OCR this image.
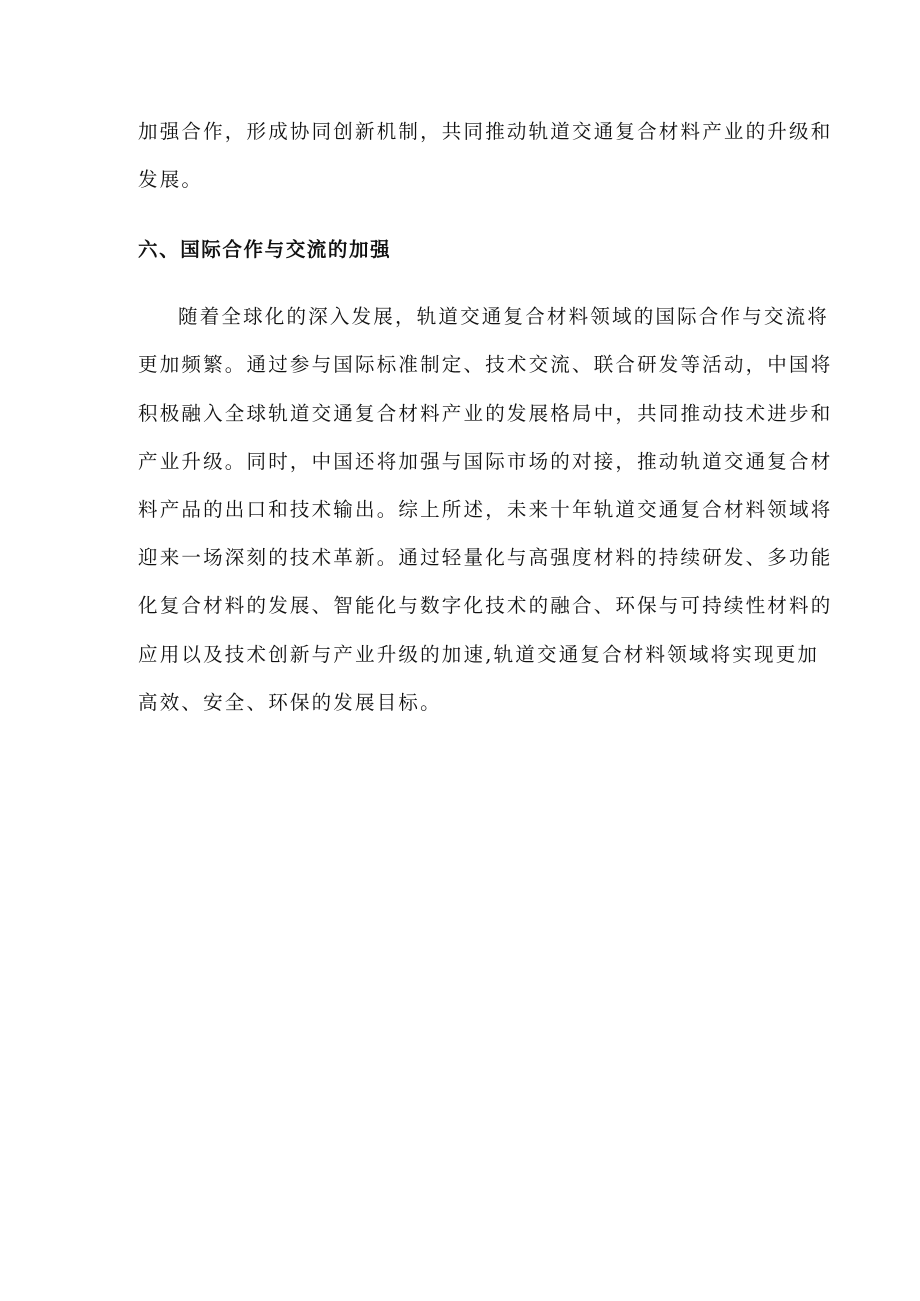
加强合作，形成协同创新机制，共同推动轨道交通复合材料产业的升级和
发展。
六、国际合作与交流的加强
随着全球化的深入发展，轨道交通复合材料领域的国际合作与交流将
更加频繁。通过参与国际标准制定、技术交流、联合研发等活动，中国将
积极融入全球轨道交通复合材料产业的发展格局中，共同推动技术进步和
产业升级。同时，中国还将加强与国际市场的对接，推动轨道交通复合材
料产品的出口和技术输出。综上所述，未来十年轨道交通复合材料领域将
迎来一场深刻的技术革新。通过轻量化与高强度材料的持续研发、多功能
化复合材料的发展、智能化与数字化技术的融合、环保与可持续性材料的
应用以及技术创新与产业升级的加速,轨道交通复合材料领域将实现更加
高效、安全、环保的发展目标。
